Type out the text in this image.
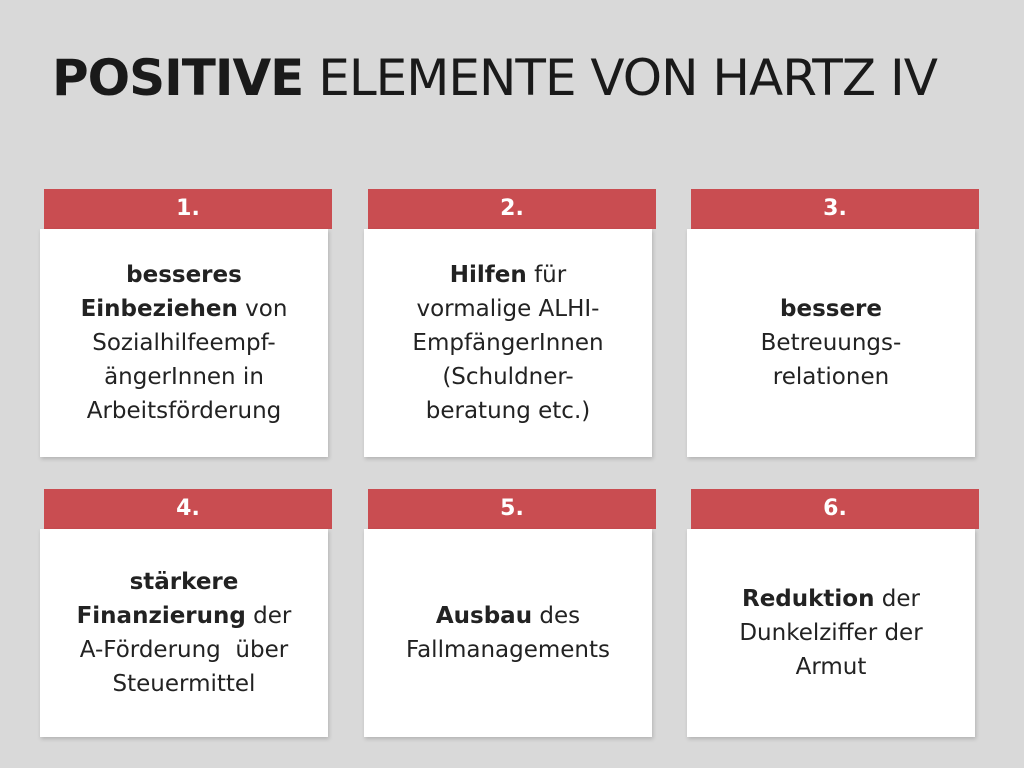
POSITIVE ELEMENTE VON HARTZ IV
1.
besseres
Einbeziehen von
Sozialhilfeempf-
ängerInnen in
Arbeitsförderung
2.
Hilfen für
vormalige ALHI-
EmpfängerInnen
(Schuldner-
beratung etc.)
3.
bessere
Betreuungs-
relationen
4.
stärkere
Finanzierung der
A-Förderung  über
Steuermittel
5.
Ausbau des
Fallmanagements
6.
Reduktion der
Dunkelziffer der
Armut
